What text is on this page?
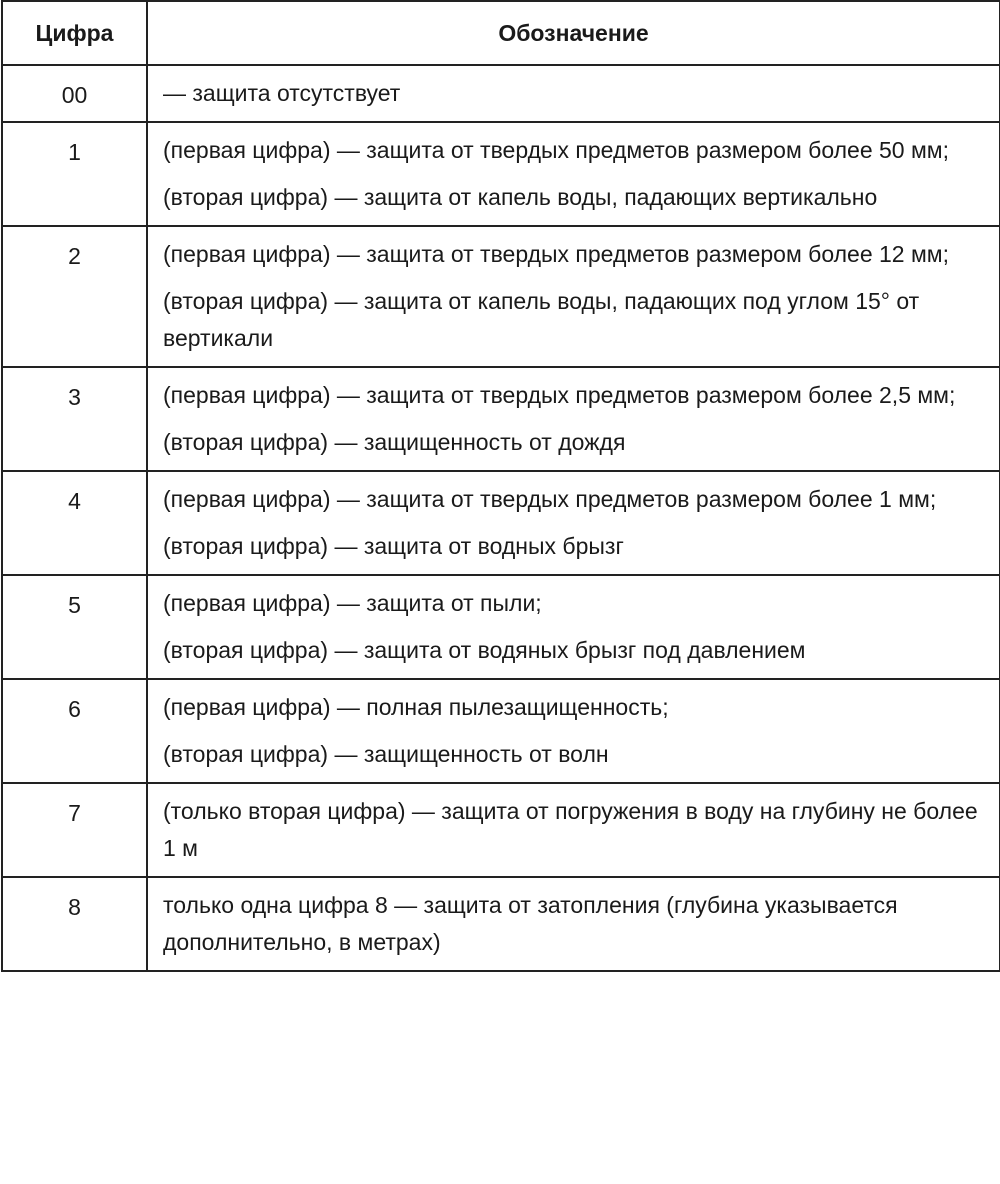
Цифра	Обозначение
00	— защита отсутствует

1	(первая цифра) — защита от твердых предметов размером более 50 мм;
(вторая цифра) — защита от капель воды, падающих вертикально

2	(первая цифра) — защита от твердых предметов размером более 12 мм;
(вторая цифра) — защита от капель воды, падающих под углом 15° от вертикали

3	(первая цифра) — защита от твердых предметов размером более 2,5 мм;
(вторая цифра) — защищенность от дождя

4	(первая цифра) — защита от твердых предметов размером более 1 мм;
(вторая цифра) — защита от водных брызг

5	(первая цифра) — защита от пыли;
(вторая цифра) — защита от водяных брызг под давлением

6	(первая цифра) — полная пылезащищенность;
(вторая цифра) — защищенность от волн

7	(только вторая цифра) — защита от погружения в воду на глубину не более 1 м

8	только одна цифра 8 — защита от затопления (глубина указывается дополнительно, в метрах)
